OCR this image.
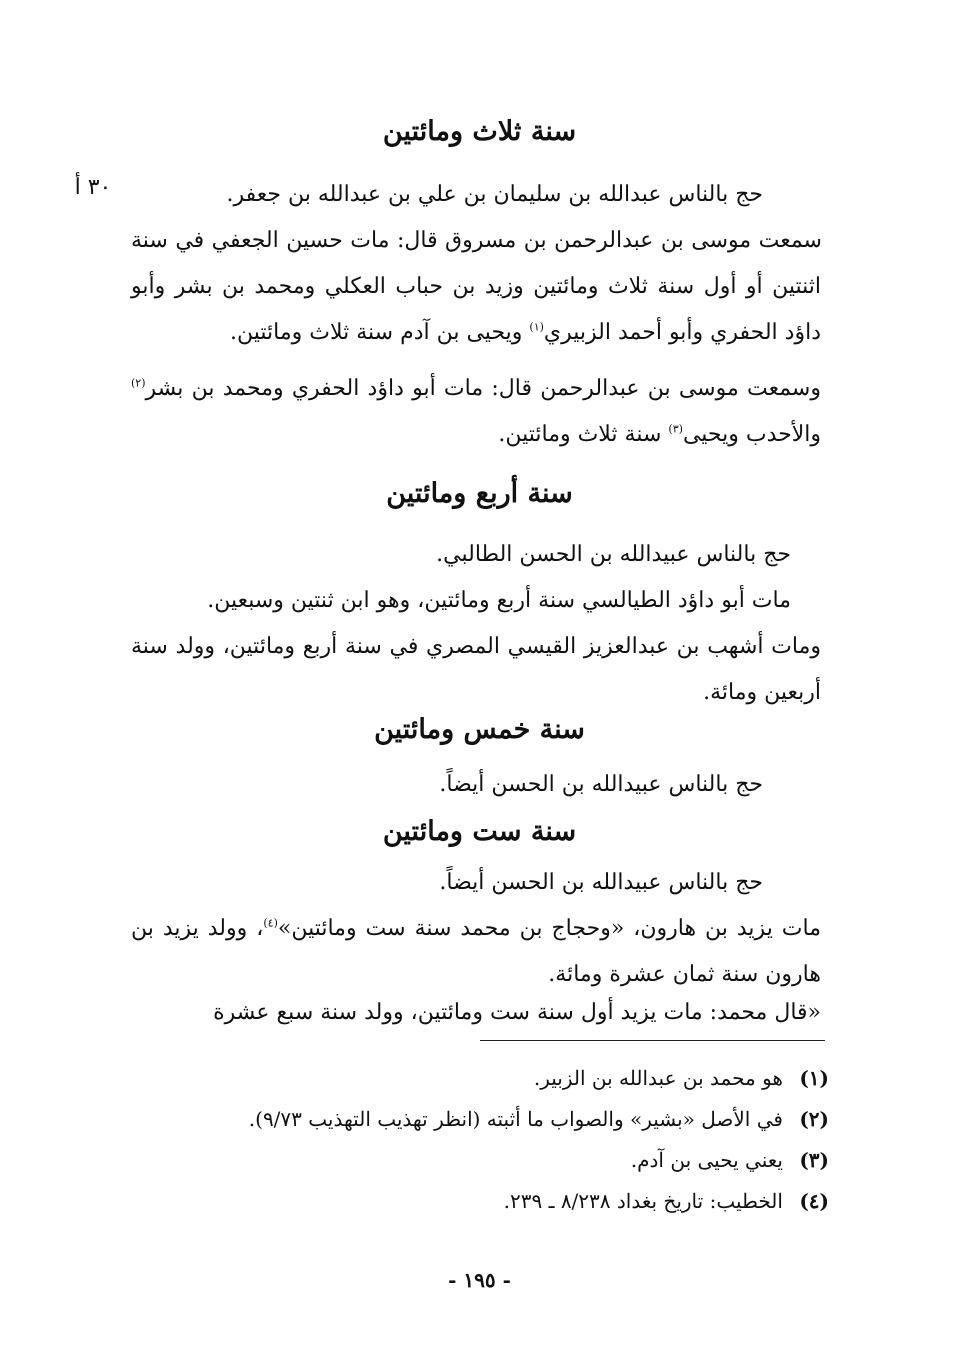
٣٠ أ
سنة ثلاث ومائتين
حج بالناس عبدالله بن سليمان بن علي بن عبدالله بن جعفر.
سمعت موسى بن عبدالرحمن بن مسروق قال: مات حسين الجعفي في سنة اثنتين أو أول سنة ثلاث ومائتين وزيد بن حباب العكلي ومحمد بن بشر وأبو داؤد الحفري وأبو أحمد الزبيري$^{(١)}$ ويحيى بن آدم سنة ثلاث ومائتين.
وسمعت موسى بن عبدالرحمن قال: مات أبو داؤد الحفري ومحمد بن بشر$^{(٢)}$ والأحدب ويحيى$^{(٣)}$ سنة ثلاث ومائتين.
سنة أربع ومائتين
حج بالناس عبيدالله بن الحسن الطالبي.
مات أبو داؤد الطيالسي سنة أربع ومائتين، وهو ابن ثنتين وسبعين.
ومات أشهب بن عبدالعزيز القيسي المصري في سنة أربع ومائتين، وولد سنة أربعين ومائة.
سنة خمس ومائتين
حج بالناس عبيدالله بن الحسن أيضاً.
سنة ست ومائتين
حج بالناس عبيدالله بن الحسن أيضاً.
مات يزيد بن هارون، «وحجاج بن محمد سنة ست ومائتين»$^{(٤)}$، وولد يزيد بن هارون سنة ثمان عشرة ومائة.
«قال محمد: مات يزيد أول سنة ست ومائتين، وولد سنة سبع عشرة
(١) هو محمد بن عبدالله بن الزبير.
(٢) في الأصل «بشير» والصواب ما أثبته (انظر تهذيب التهذيب ٩/٧٣).
(٣) يعني يحيى بن آدم.
(٤) الخطيب: تاريخ بغداد ٨/٢٣٨ ـ ٢٣٩.
- ١٩٥ -
